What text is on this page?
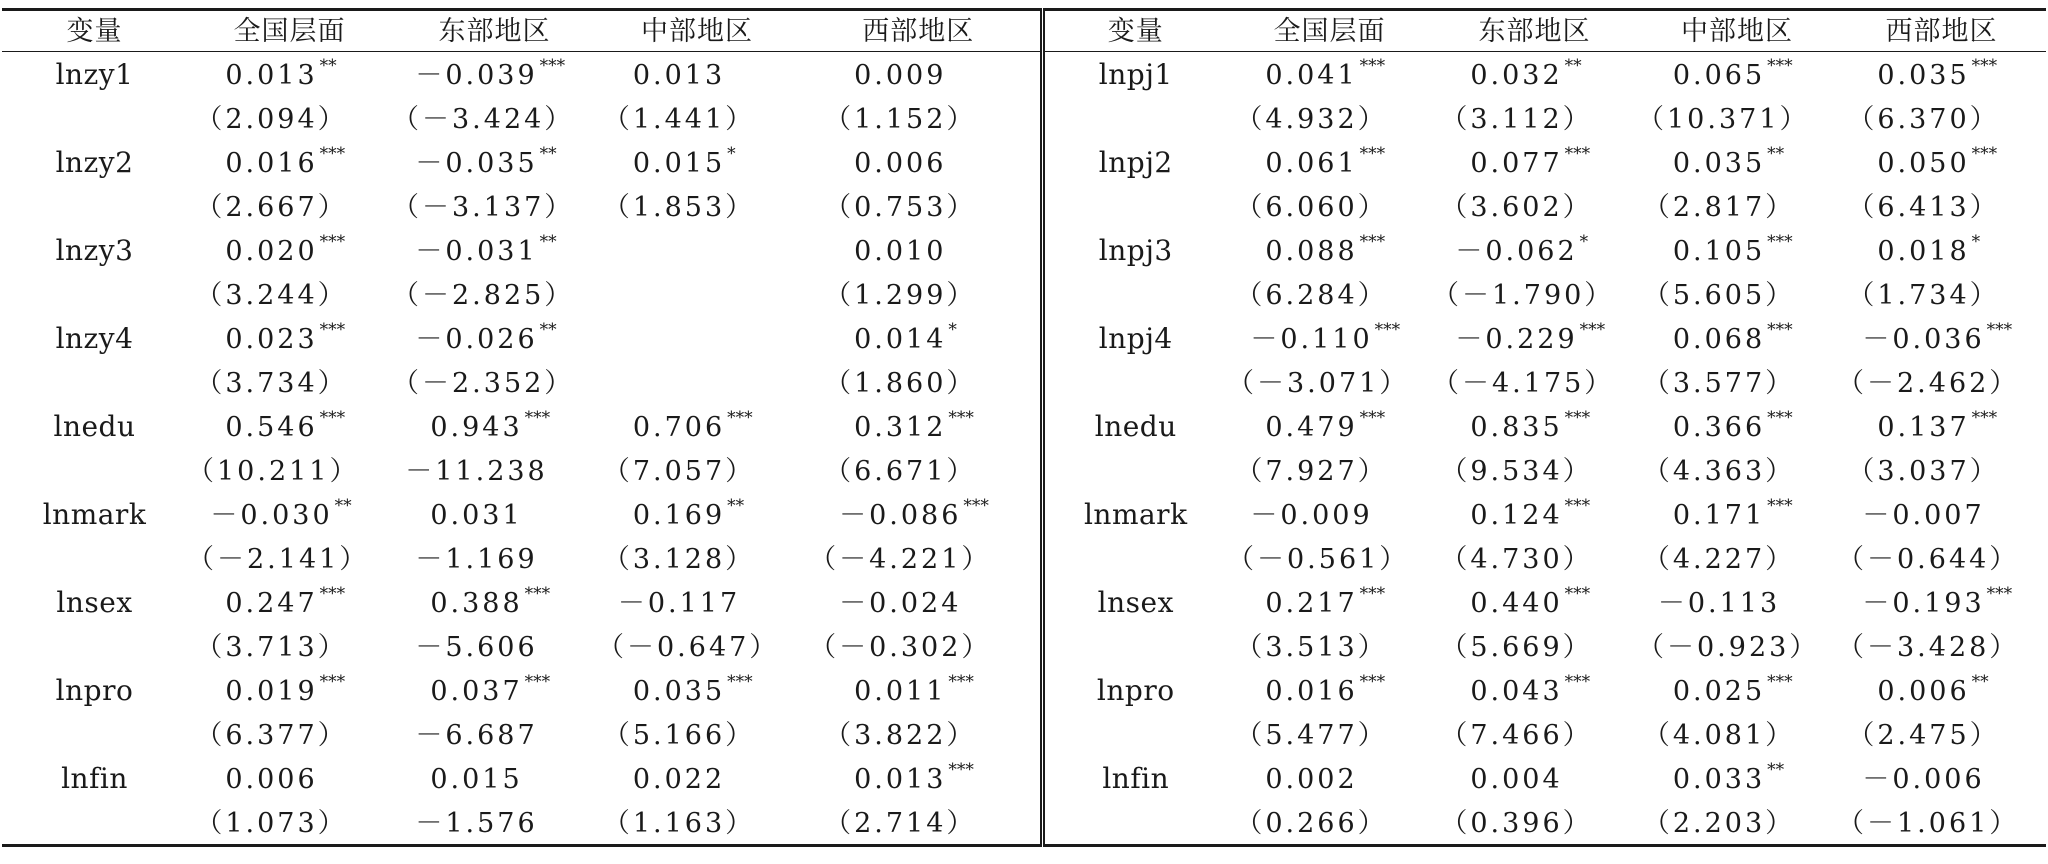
变量	全国层面	东部地区	中部地区	西部地区	变量	全国层面	东部地区	中部地区	西部地区
lnzy1	0.013 **	－0.039 ***	0.013	0.009	lnpj1	0.041 ***	0.032 **	0.065 ***	0.035 ***
	（2.094）	（－3.424）	（1.441）	（1.152）		（4.932）	（3.112）	（10.371）	（6.370）
lnzy2	0.016 ***	－0.035 **	0.015 *	0.006	lnpj2	0.061 ***	0.077 ***	0.035 **	0.050 ***
	（2.667）	（－3.137）	（1.853）	（0.753）		（6.060）	（3.602）	（2.817）	（6.413）
lnzy3	0.020 ***	－0.031 **		0.010	lnpj3	0.088 ***	－0.062 *	0.105 ***	0.018 *
	（3.244）	（－2.825）		（1.299）		（6.284）	（－1.790）	（5.605）	（1.734）
lnzy4	0.023 ***	－0.026 **		0.014 *	lnpj4	－0.110 ***	－0.229 ***	0.068 ***	－0.036 ***
	（3.734）	（－2.352）		（1.860）		（－3.071）	（－4.175）	（3.577）	（－2.462）
lnedu	0.546 ***	0.943 ***	0.706 ***	0.312 ***	lnedu	0.479 ***	0.835 ***	0.366 ***	0.137 ***
	（10.211）	－11.238	（7.057）	（6.671）		（7.927）	（9.534）	（4.363）	（3.037）
lnmark	－0.030 **	0.031	0.169 **	－0.086 ***	lnmark	－0.009	0.124 ***	0.171 ***	－0.007
	（－2.141）	－1.169	（3.128）	（－4.221）		（－0.561）	（4.730）	（4.227）	（－0.644）
lnsex	0.247 ***	0.388 ***	－0.117	－0.024	lnsex	0.217 ***	0.440 ***	－0.113	－0.193 ***
	（3.713）	－5.606	（－0.647）	（－0.302）		（3.513）	（5.669）	（－0.923）	（－3.428）
lnpro	0.019 ***	0.037 ***	0.035 ***	0.011 ***	lnpro	0.016 ***	0.043 ***	0.025 ***	0.006 **
	（6.377）	－6.687	（5.166）	（3.822）		（5.477）	（7.466）	（4.081）	（2.475）
lnfin	0.006	0.015	0.022	0.013 ***	lnfin	0.002	0.004	0.033 **	－0.006
	（1.073）	－1.576	（1.163）	（2.714）		（0.266）	（0.396）	（2.203）	（－1.061）
